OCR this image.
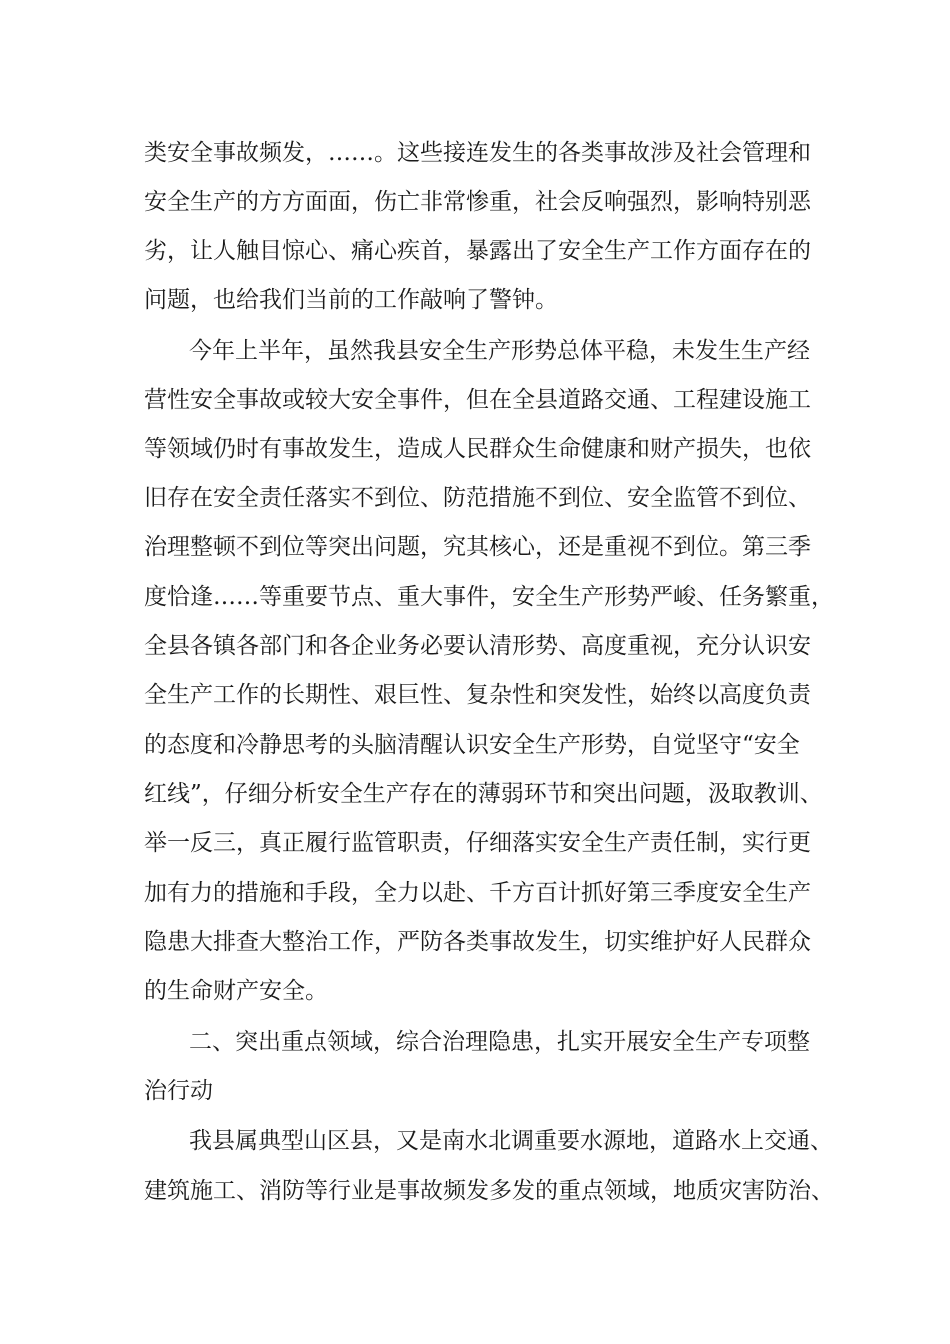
类安全事故频发，……。这些接连发生的各类事故涉及社会管理和
安全生产的方方面面，伤亡非常惨重，社会反响强烈，影响特别恶
劣，让人触目惊心、痛心疾首，暴露出了安全生产工作方面存在的
问题，也给我们当前的工作敲响了警钟。
今年上半年，虽然我县安全生产形势总体平稳，未发生生产经
营性安全事故或较大安全事件，但在全县道路交通、工程建设施工
等领域仍时有事故发生，造成人民群众生命健康和财产损失，也依
旧存在安全责任落实不到位、防范措施不到位、安全监管不到位、
治理整顿不到位等突出问题，究其核心，还是重视不到位。第三季
度恰逢……等重要节点、重大事件，安全生产形势严峻、任务繁重，
全县各镇各部门和各企业务必要认清形势、高度重视，充分认识安
全生产工作的长期性、艰巨性、复杂性和突发性，始终以高度负责
的态度和冷静思考的头脑清醒认识安全生产形势，自觉坚守“安全
红线”，仔细分析安全生产存在的薄弱环节和突出问题，汲取教训、
举一反三，真正履行监管职责，仔细落实安全生产责任制，实行更
加有力的措施和手段，全力以赴、千方百计抓好第三季度安全生产
隐患大排查大整治工作，严防各类事故发生，切实维护好人民群众
的生命财产安全。
二、突出重点领域，综合治理隐患，扎实开展安全生产专项整
治行动
我县属典型山区县，又是南水北调重要水源地，道路水上交通、
建筑施工、消防等行业是事故频发多发的重点领域，地质灾害防治、
